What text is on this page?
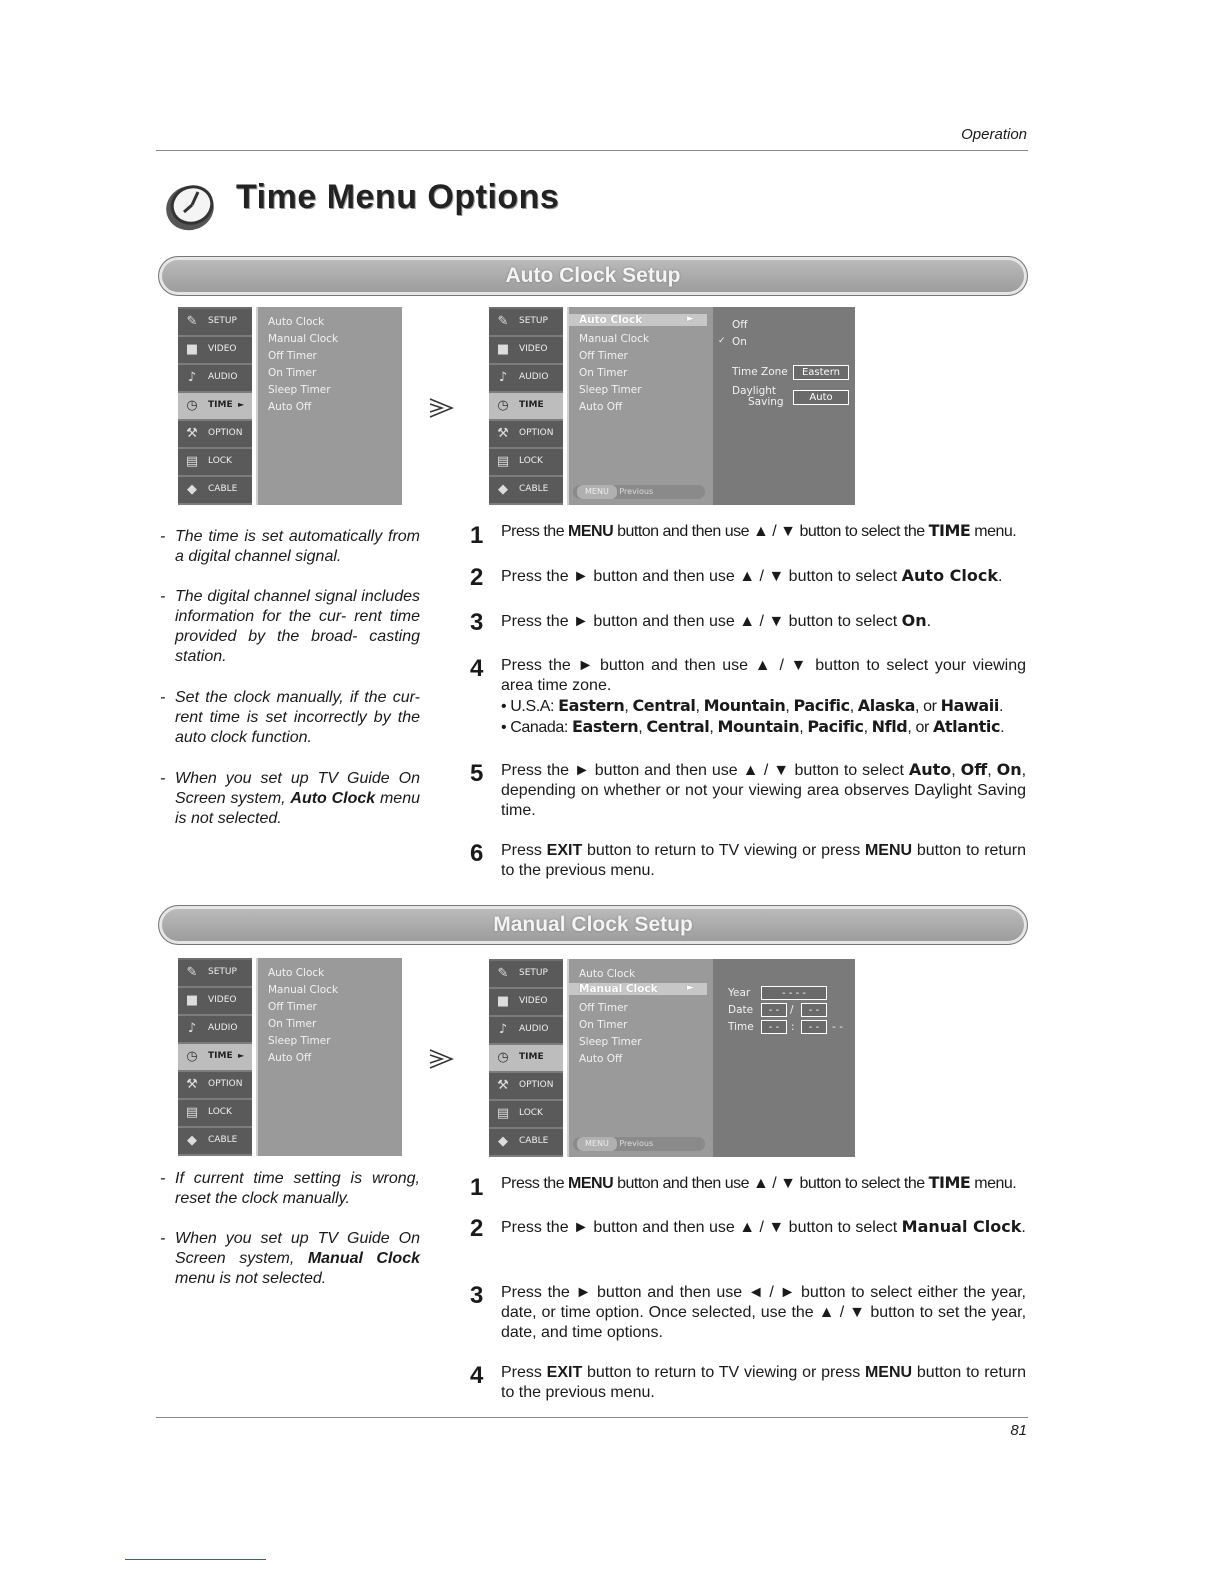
Operation
Time Menu Options
Auto Clock Setup
✎ SETUP
■ VIDEO
♪	AUDIO
◷ TIME ►
⚒ OPTION
▤ LOCK
◆	CABLE
Auto Clock
Manual Clock
Off Timer
On Timer
Sleep Timer
Auto Off
✎ SETUP
■ VIDEO
♪	AUDIO
◷ TIME
⚒ OPTION
▤ LOCK
◆	CABLE
Auto Clock	►
Manual Clock
Off Timer
On Timer
Sleep Timer
Auto Off
MENU Previous
Off
✓ On
Time Zone	Eastern
Daylight
Saving	Auto
- The time is set automatically from a digital channel signal.
- The digital channel signal includes information for the cur- rent time provided by the broad- casting station.
- Set the clock manually, if the cur- rent time is set incorrectly by the auto clock function.
- When you set up TV Guide On Screen system, Auto Clock menu is not selected.
1 Press the MENU button and then use ▲ / ▼ button to select the TIME menu.
2 Press the ► button and then use ▲ / ▼ button to select Auto Clock.
3 Press the ► button and then use ▲ / ▼ button to select On.
4 Press the ► button and then use ▲ / ▼ button to select your viewing area time zone.
• U.S.A: Eastern, Central, Mountain, Pacific, Alaska, or Hawaii.
• Canada: Eastern, Central, Mountain, Pacific, Nfld, or Atlantic.
5 Press the ► button and then use ▲ / ▼ button to select Auto, Off, On, depending on whether or not your viewing area observes Daylight Saving time.
6 Press EXIT button to return to TV viewing or press MENU button to return to the previous menu.
Manual Clock Setup
✎ SETUP
■ VIDEO
♪	AUDIO
◷ TIME ►
⚒ OPTION
▤ LOCK
◆	CABLE
Auto Clock
Manual Clock
Off Timer
On Timer
Sleep Timer
Auto Off
✎ SETUP
■ VIDEO
♪	AUDIO
◷ TIME
⚒ OPTION
▤ LOCK
◆	CABLE
Auto Clock
Manual Clock	►
Off Timer
On Timer
Sleep Timer
Auto Off
MENU Previous
Year	- - - -
Date	- -	/	- -
Time	- -	:	- -	- -
- If current time setting is wrong, reset the clock manually.
- When you set up TV Guide On Screen system, Manual Clock menu is not selected.
1 Press the MENU button and then use ▲ / ▼ button to select the TIME menu.
2 Press the ► button and then use ▲ / ▼ button to select Manual Clock.
3 Press the ► button and then use ◄ / ► button to select either the year, date, or time option. Once selected, use the ▲ / ▼ button to set the year, date, and time options.
4 Press EXIT button to return to TV viewing or press MENU button to return to the previous menu.
81
